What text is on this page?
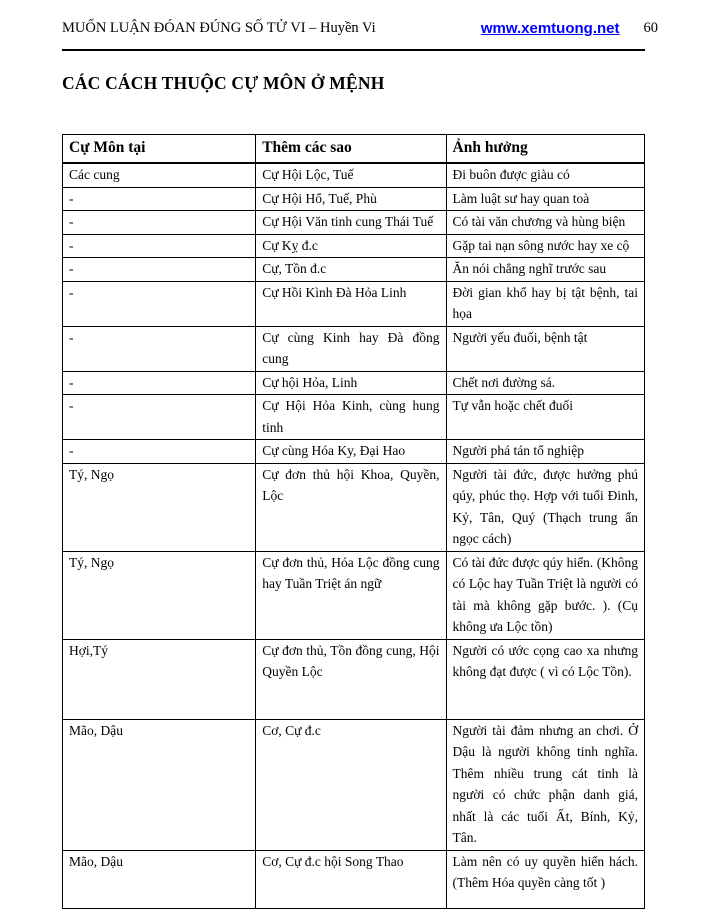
MUỐN LUẬN ĐÓAN ĐÚNG SỐ TỬ VI – Huyền Vi	wmw.xemtuong.net 60
CÁC CÁCH THUỘC CỰ MÔN Ở MỆNH
Cự Môn tại	Thêm các sao	Ảnh hưởng
Các cung	Cự Hội Lộc, Tuế	Đi buôn được giàu có
-	Cự Hội Hổ, Tuế, Phù	Làm luật sư hay quan toà
-	Cự Hội Văn tinh cung Thái Tuế	Có tài văn chương và hùng biện
-	Cự Kỵ đ.c	Gặp tai nạn sông nước hay xe cộ
-	Cự, Tồn đ.c	Ăn nói chẳng nghĩ trước sau
-	Cự Hồi Kình Đà Hỏa Linh	Đời gian khổ hay bị tật bệnh, tai họa
-	Cự cùng Kinh hay Đà đồng cung	Người yếu đuối, bệnh tật
-	Cự hội Hỏa, Linh	Chết nơi đường sá.
-	Cự Hội Hỏa Kinh, cùng hung tinh	Tự vẫn hoặc chết đuối
-	Cự cùng Hóa Ky, Đại Hao	Người phá tán tổ nghiệp
Tý, Ngọ	Cự đơn thủ hội Khoa, Quyền, Lộc	Người tài đức, được hưởng phú qúy, phúc thọ. Hợp với tuổi Đinh, Kỷ, Tân, Quý (Thạch trung ẩn ngọc cách)
Tý, Ngọ	Cự đơn thủ, Hóa Lộc đồng cung hay Tuần Triệt án ngữ	Có tài đức được qúy hiển. (Không có Lộc hay Tuần Triệt là người có tài mà không gặp bước. ). (Cụ không ưa Lộc tồn)
Hợi,Tý	Cự đơn thủ, Tồn đồng cung, Hội Quyền Lộc	Người có ước cọng cao xa nhưng không đạt được ( vì có Lộc Tồn).
Mão, Dậu	Cơ, Cự đ.c	Người tài đảm nhưng an chơi. Ở Dậu là người không tinh nghĩa. Thêm nhiều trung cát tinh là người có chức phận danh giá, nhất là các tuổi Ất, Bính, Kỷ, Tân.
Mão, Dậu	Cơ, Cự đ.c hội Song Thao	Làm nên có uy quyền hiển hách. (Thêm Hóa quyền càng tốt )
